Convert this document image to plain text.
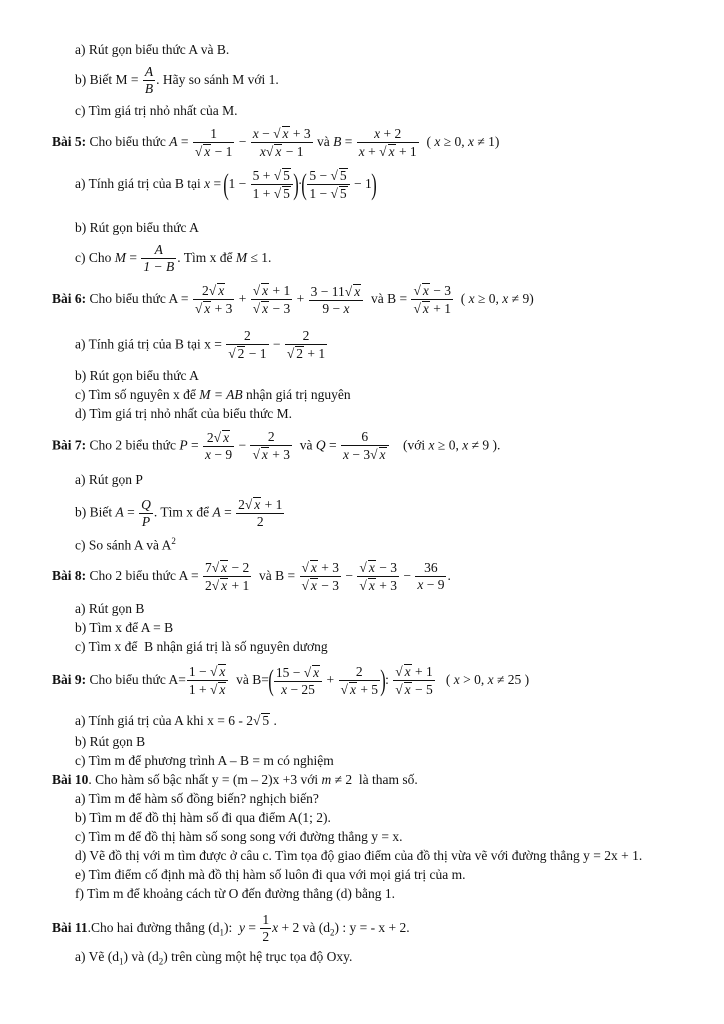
a) Rút gọn biểu thức A và B.
b) Biết $M = \frac{A}{B}$ . Hãy so sánh M với 1.
c) Tìm giá trị nhỏ nhất của M.
Bài 5: Cho biểu thức $A = \frac{1}{√ x - 1} - \frac{x - √ x + 3}{x√ x - 1}$ và $B = \frac{x + 2}{x + √ x + 1}$ ( x ≥ 0, x ≠ 1)
a) Tính giá trị của B tại $x = (1 - \frac{5 + √ 5}{1 + √ 5}$ )·( $\frac{5 - √ 5}{1 - √ 5} - 1$)
b) Rút gọn biểu thức A
c) Cho $M = \frac{A}{1 - B}$ . Tìm x để M ≤ 1.
Bài 6: Cho biểu thức $A = \frac{2√ x}{√ x + 3} + \frac{√ x + 1}{√ x - 3} + \frac{3 - 11√ x}{9 - x}$ và $B = \frac{√ x - 3}{√ x + 1}$ ( x ≥ 0, x ≠ 9)
a) Tính giá trị của B tại $x = \frac{2}{√ 2 - 1} - \frac{2}{√ 2 + 1}$
b) Rút gọn biểu thức A
c) Tìm số nguyên x để M = AB nhận giá trị nguyên
d) Tìm giá trị nhỏ nhất của biểu thức M.
Bài 7: Cho 2 biểu thức $P = \frac{2√ x}{x - 9} - \frac{2}{√ x + 3}$ và $Q = \frac{6}{x - 3√ x}$ (với x ≥ 0, x ≠ 9 ).
a) Rút gọn P
b) Biết $A = \frac{Q}{P}$ . Tìm x để $A = \frac{2√ x + 1}{2}$
c) So sánh A và $A^2$
Bài 8: Cho 2 biểu thức $A = \frac{7√ x - 2}{2√ x + 1}$ và $B = \frac{√ x + 3}{√ x - 3} - \frac{√ x - 3}{√ x + 3} - \frac{36}{x - 9}$ .
a) Rút gọn B
b) Tìm x để A = B
c) Tìm x để  B nhận giá trị là số nguyên dương
Bài 9: Cho biểu thức $A= \frac{1 - √ x}{1 + √ x}$ và $B=( \frac{15 - √ x}{x - 25} + \frac{2}{√ x + 5}$ ): $\frac{√ x + 1}{√ x - 5}$ ( x > 0, x ≠ 25 )
a) Tính giá trị của A khi x = 6 - 2√ 5 .
b) Rút gọn B
c) Tìm m để phương trình A – B = m có nghiệm
Bài 10. Cho hàm số bậc nhất y = (m – 2)x +3 với m ≠ 2  là tham số.
a) Tìm m để hàm số đồng biến? nghịch biến?
b) Tìm m để đồ thị hàm số đi qua điểm A(1; 2).
c) Tìm m để đồ thị hàm số song song với đường thẳng y = x.
d) Vẽ đồ thị với m tìm được ở câu c. Tìm tọa độ giao điểm của đồ thị vừa vẽ với đường thẳng y = 2x + 1.
e) Tìm điểm cố định mà đồ thị hàm số luôn đi qua với mọi giá trị của m.
f) Tìm m để khoảng cách từ O đến đường thẳng (d) bằng 1.
Bài 11.Cho hai đường thẳng $(d_1)$:  $y = \frac{1}{2}$ x + 2 và $(d_2)$ : y = - x + 2.
a) Vẽ $(d_1)$ và $(d_2)$ trên cùng một hệ trục tọa độ Oxy.
